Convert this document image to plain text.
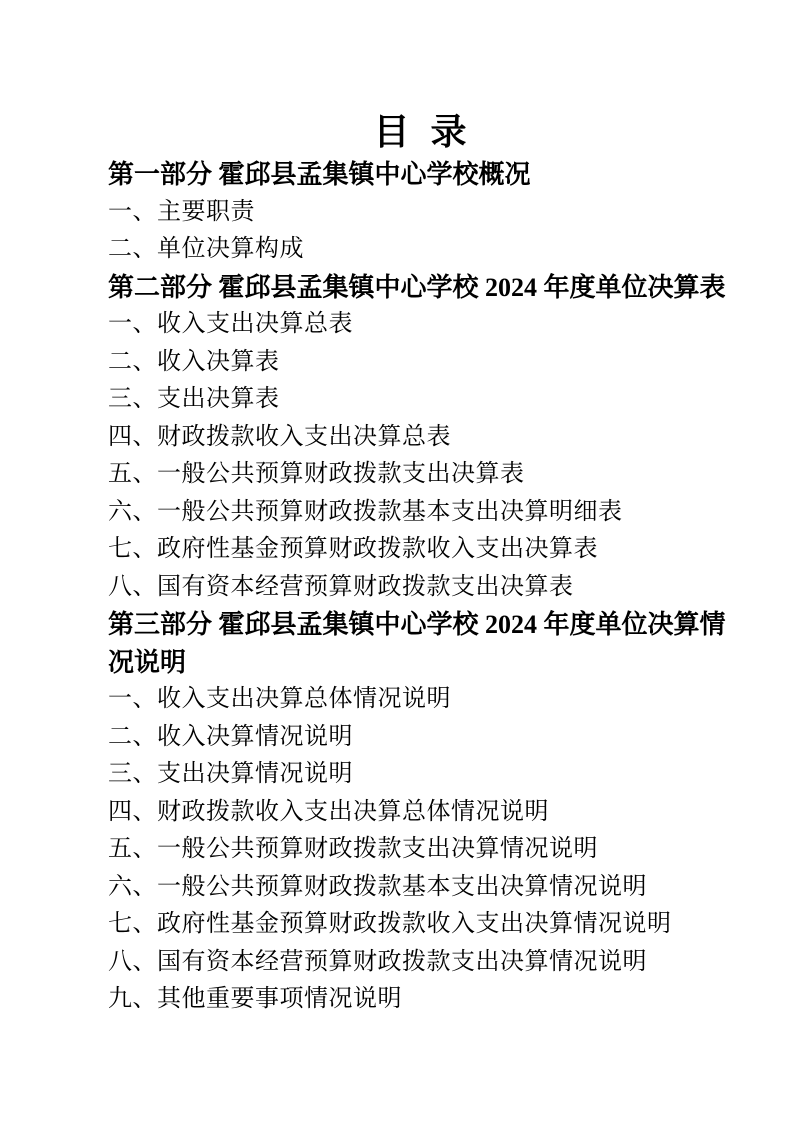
目  录
第一部分 霍邱县孟集镇中心学校概况
一、主要职责
二、单位决算构成
第二部分 霍邱县孟集镇中心学校 2024 年度单位决算表
一、收入支出决算总表
二、收入决算表
三、支出决算表
四、财政拨款收入支出决算总表
五、一般公共预算财政拨款支出决算表
六、一般公共预算财政拨款基本支出决算明细表
七、政府性基金预算财政拨款收入支出决算表
八、国有资本经营预算财政拨款支出决算表
第三部分 霍邱县孟集镇中心学校 2024 年度单位决算情况说明
一、收入支出决算总体情况说明
二、收入决算情况说明
三、支出决算情况说明
四、财政拨款收入支出决算总体情况说明
五、一般公共预算财政拨款支出决算情况说明
六、一般公共预算财政拨款基本支出决算情况说明
七、政府性基金预算财政拨款收入支出决算情况说明
八、国有资本经营预算财政拨款支出决算情况说明
九、其他重要事项情况说明
